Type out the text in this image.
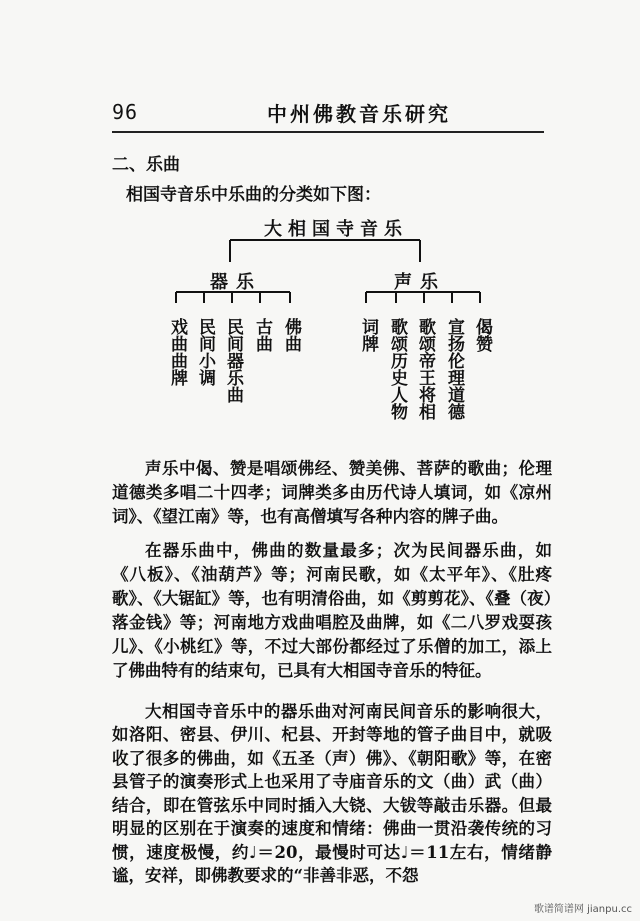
96	中州佛教音乐研究
二、乐曲
相国寺音乐中乐曲的分类如下图：
大相国寺音乐
器乐	声乐
戏曲曲牌 民间小调 民间器乐曲 古曲 佛曲	词牌 歌颂历史人物 歌颂帝王将相 宣扬伦理道德 偈赞

声乐中偈、赞是唱颂佛经、赞美佛、菩萨的歌曲；伦理道德类多唱二十四孝；词牌类多由历代诗人填词，如《凉州词》、《望江南》等，也有高僧填写各种内容的牌子曲。

在器乐曲中，佛曲的数量最多；次为民间器乐曲，如《八板》、《油葫芦》等；河南民歌，如《太平年》、《肚疼歌》、《大锯缸》等，也有明清俗曲，如《剪剪花》、《叠（夜）落金钱》等；河南地方戏曲唱腔及曲牌，如《二八罗戏耍孩儿》、《小桃红》等，不过大部份都经过了乐僧的加工，添上了佛曲特有的结束句，已具有大相国寺音乐的特征。

大相国寺音乐中的器乐曲对河南民间音乐的影响很大，如洛阳、密县、伊川、杞县、开封等地的管子曲目中，就吸收了很多的佛曲，如《五圣（声）佛》、《朝阳歌》等，在密县管子的演奏形式上也采用了寺庙音乐的文（曲）武（曲）结合，即在管弦乐中同时插入大铙、大钹等敲击乐器。但最明显的区别在于演奏的速度和情绪：佛曲一贯沿袭传统的习惯，速度极慢，约♩＝20，最慢时可达♩＝11左右，情绪静谧，安祥，即佛教要求的“非善非恶，不怨

歌谱简谱网 jianpu.cc
